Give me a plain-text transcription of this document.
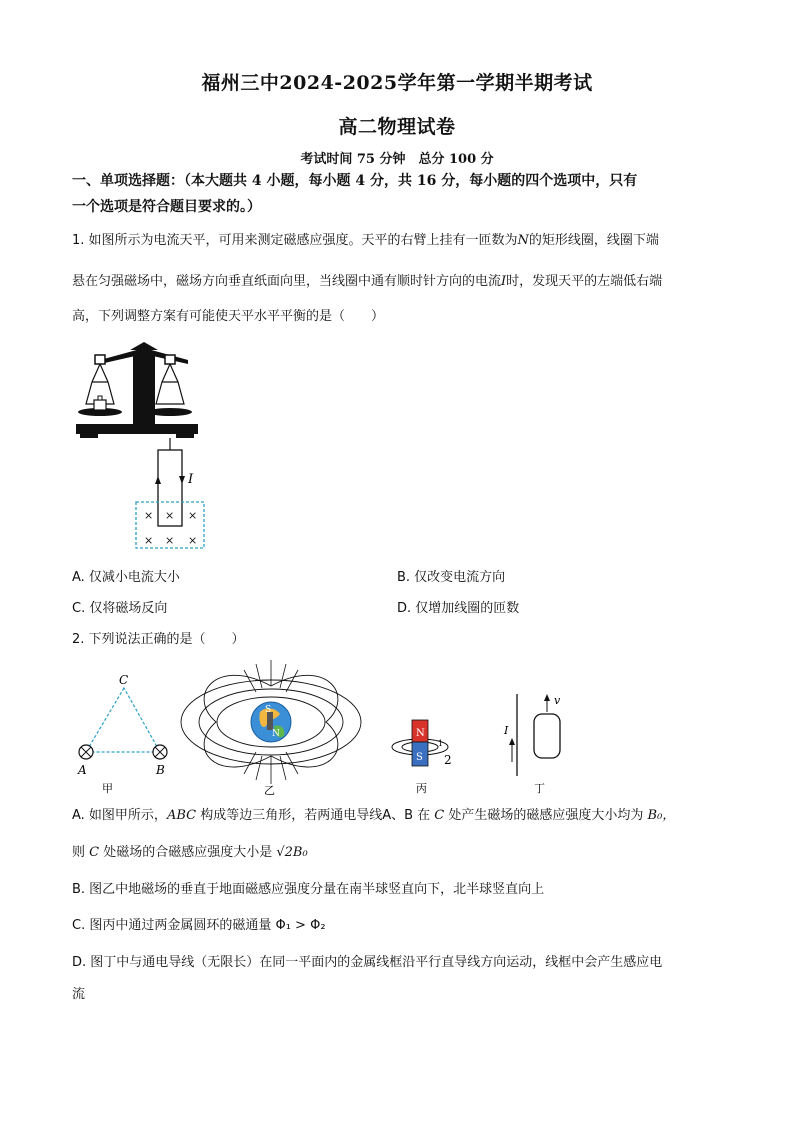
福州三中2024-2025学年第一学期半期考试
高二物理试卷
考试时间 75 分钟　总分 100 分
一、单项选择题：（本大题共 4 小题，每小题 4 分，共 16 分，每小题的四个选项中，只有
一个选项是符合题目要求的。）
1. 如图所示为电流天平，可用来测定磁感应强度。天平的右臂上挂有一匝数为N的矩形线圈，线圈下端
悬在匀强磁场中，磁场方向垂直纸面向里，当线圈中通有顺时针方向的电流I时，发现天平的左端低右端
高，下列调整方案有可能使天平水平平衡的是（　　）
I
× × ×
× × ×
A. 仅减小电流大小	B. 仅改变电流方向
C. 仅将磁场反向	D. 仅增加线圈的匝数
2. 下列说法正确的是（　　）
C
A	B
甲
S
N
乙
N
S
1
2
丙
I
v
丁
A. 如图甲所示，ABC 构成等边三角形，若两通电导线A、B 在 C 处产生磁场的磁感应强度大小均为 B₀，
则 C 处磁场的合磁感应强度大小是 √2B₀
B. 图乙中地磁场的垂直于地面磁感应强度分量在南半球竖直向下，北半球竖直向上
C. 图丙中通过两金属圆环的磁通量 Φ₁ > Φ₂
D. 图丁中与通电导线（无限长）在同一平面内的金属线框沿平行直导线方向运动，线框中会产生感应电
流
